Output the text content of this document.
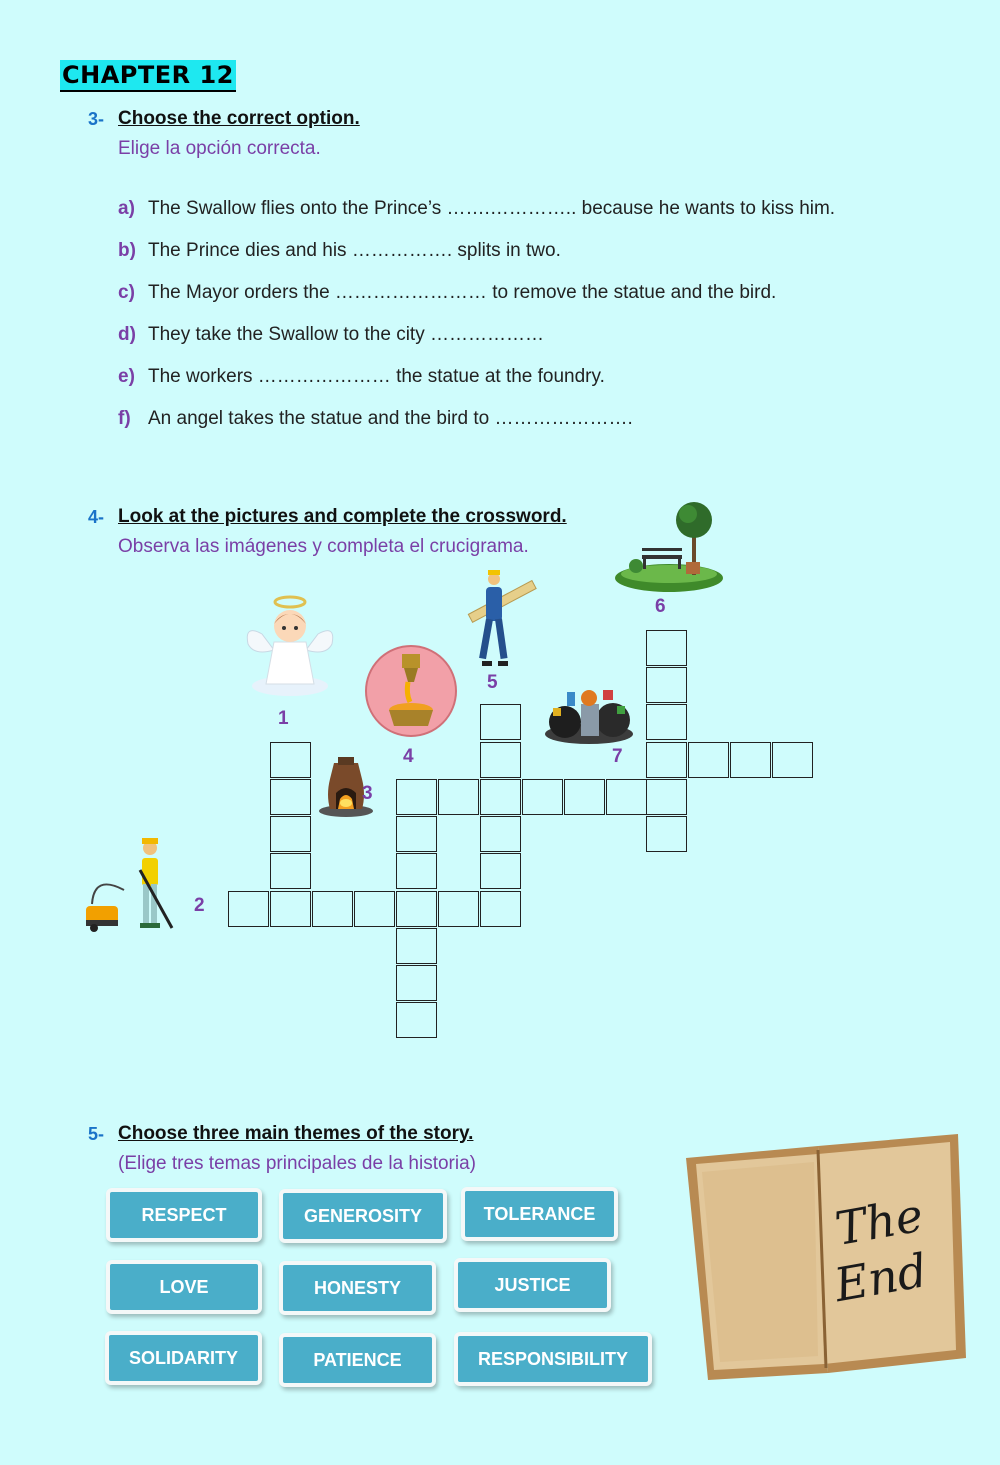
CHAPTER 12
3- Choose the correct option.
Elige la opción correcta.
a) The Swallow flies onto the Prince’s …….………….. because he wants to kiss him.
b) The Prince dies and his ……………. splits in two.
c) The Mayor orders the …………………… to remove the statue and the bird.
d) They take the Swallow to the city ………………
e) The workers ………………… the statue at the foundry.
f) An angel takes the statue and the bird to ………………….
4- Look at the pictures and complete the crossword.
Observa las imágenes y completa el crucigrama.
1
2
3
4
5
6
7
5- Choose three main themes of the story.
(Elige tres temas principales de la historia)
RESPECT	GENEROSITY	TOLERANCE
LOVE	HONESTY	JUSTICE
SOLIDARITY	PATIENCE	RESPONSIBILITY
The
End
